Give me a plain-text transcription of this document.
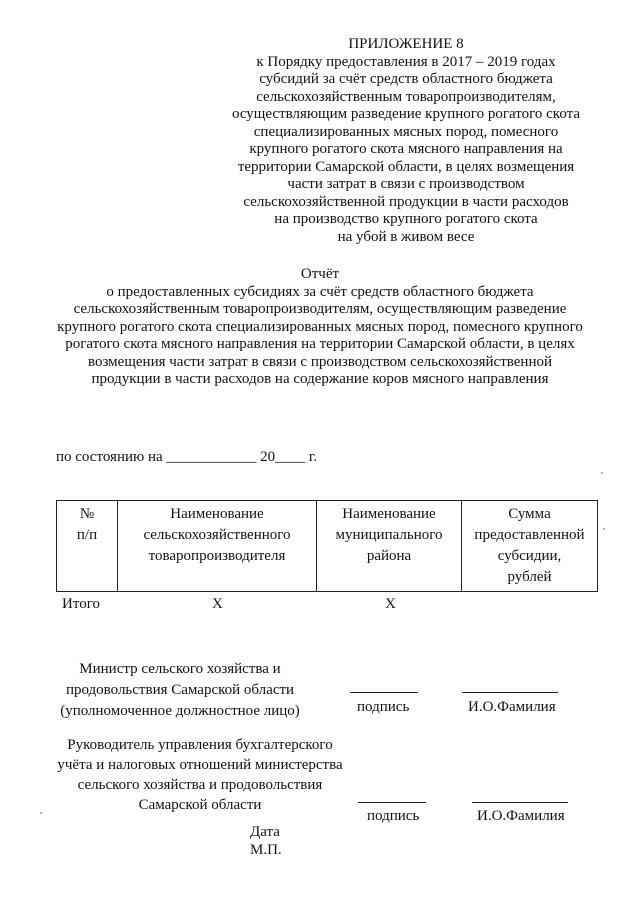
ПРИЛОЖЕНИЕ 8
к Порядку предоставления в 2017 – 2019 годах
субсидий за счёт средств областного бюджета
сельскохозяйственным товаропроизводителям,
осуществляющим разведение крупного рогатого скота
специализированных мясных пород, помесного
крупного рогатого скота мясного направления на
территории Самарской области, в целях возмещения
части затрат в связи с производством
сельскохозяйственной продукции в части расходов
на производство крупного рогатого скота
на убой в живом весе
Отчёт
о предоставленных субсидиях за счёт средств областного бюджета
сельскохозяйственным товаропроизводителям, осуществляющим разведение
крупного рогатого скота специализированных мясных пород, помесного крупного
рогатого скота мясного направления на территории Самарской области, в целях
возмещения части затрат в связи с производством сельскохозяйственной
продукции в части расходов на содержание коров мясного направления
по состоянию на ____________ 20____ г.
№
п/п

Наименование
сельскохозяйственного
товаропроизводителя

Наименование
муниципального
района

Сумма
предоставленной
субсидии,
рублей
Итого	X	X
Министр сельского хозяйства и
продовольствия Самарской области
(уполномоченное должностное лицо)	подпись	И.О.Фамилия
Руководитель управления бухгалтерского
учёта и налоговых отношений министерства
сельского хозяйства и продовольствия
Самарской области
подпись	И.О.Фамилия
Дата
М.П.
